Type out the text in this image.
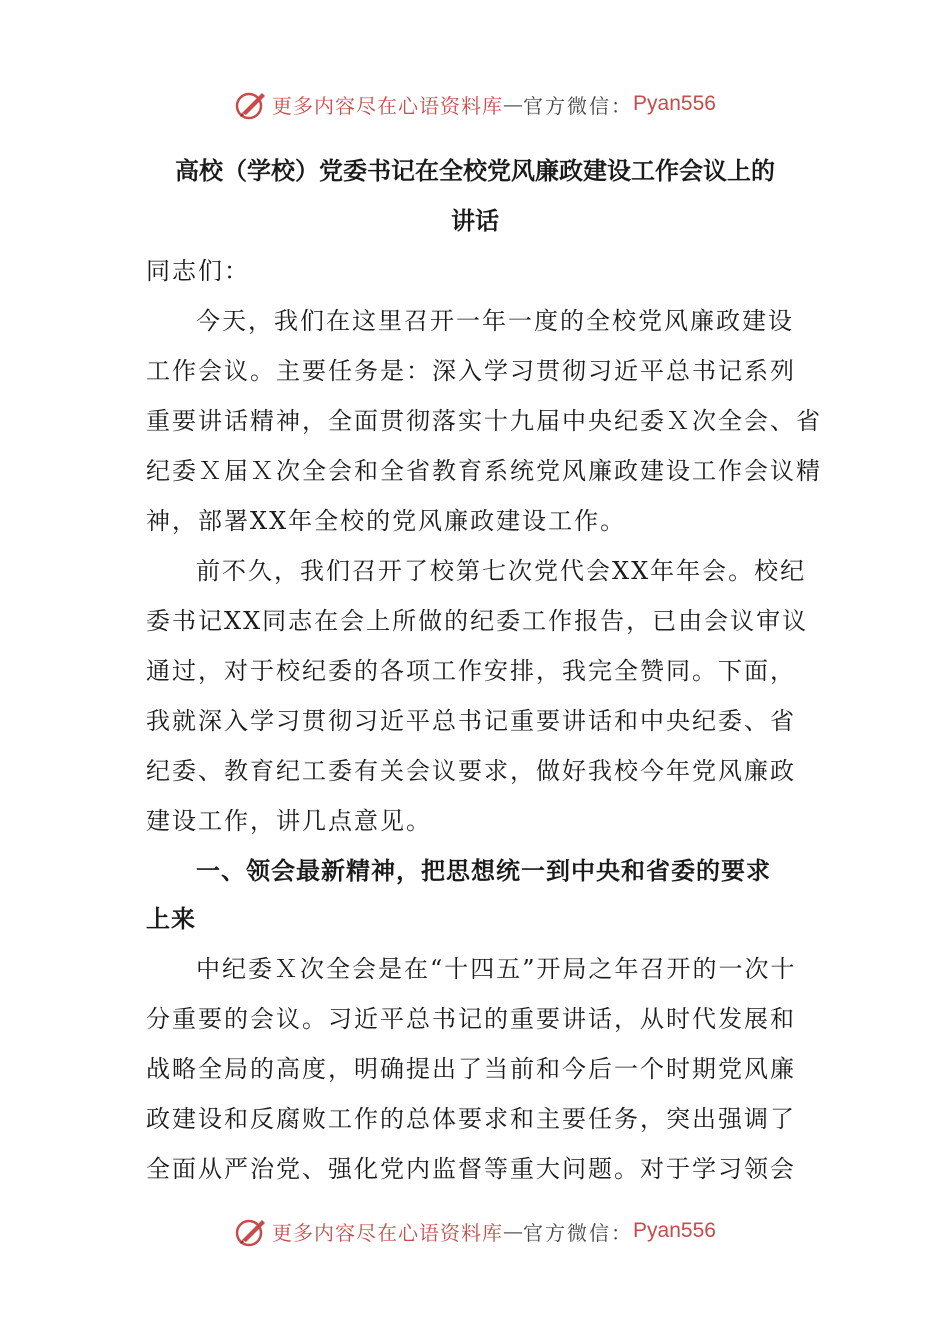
更多内容尽在心语资料库 — 官方微信： Pyan556
高校（学校）党委书记在全校党风廉政建设工作会议上的
讲话
同志们：
今天，我们在这里召开一年一度的全校党风廉政建设
工作会议。主要任务是：深入学习贯彻习近平总书记系列
重要讲话精神，全面贯彻落实十九届中央纪委Ｘ次全会、省
纪委Ｘ届Ｘ次全会和全省教育系统党风廉政建设工作会议精
神，部署XX年全校的党风廉政建设工作。
前不久，我们召开了校第七次党代会XX年年会。校纪
委书记XX同志在会上所做的纪委工作报告，已由会议审议
通过，对于校纪委的各项工作安排，我完全赞同。下面，
我就深入学习贯彻习近平总书记重要讲话和中央纪委、省
纪委、教育纪工委有关会议要求，做好我校今年党风廉政
建设工作，讲几点意见。
一、领会最新精神，把思想统一到中央和省委的要求
上来
中纪委Ｘ次全会是在“十四五”开局之年召开的一次十
分重要的会议。习近平总书记的重要讲话，从时代发展和
战略全局的高度，明确提出了当前和今后一个时期党风廉
政建设和反腐败工作的总体要求和主要任务，突出强调了
全面从严治党、强化党内监督等重大问题。对于学习领会
更多内容尽在心语资料库 — 官方微信： Pyan556
